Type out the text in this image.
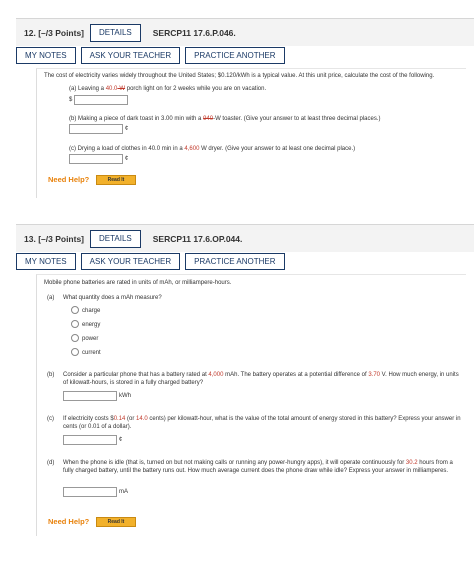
12. [–/3 Points]	DETAILS	SERCP11 17.6.P.046.
MY NOTES	ASK YOUR TEACHER	PRACTICE ANOTHER
The cost of electricity varies widely throughout the United States; $0.120/kWh is a typical value. At this unit price, calculate the cost of the following.
(a) Leaving a 40.0-W porch light on for 2 weeks while you are on vacation.
$
(b) Making a piece of dark toast in 3.00 min with a 940-W toaster. (Give your answer to at least three decimal places.)
¢
(c) Drying a load of clothes in 40.0 min in a 4,600 W dryer. (Give your answer to at least one decimal place.)
¢
Need Help?	Read It
13. [–/3 Points]	DETAILS	SERCP11 17.6.OP.044.
MY NOTES	ASK YOUR TEACHER	PRACTICE ANOTHER
Mobile phone batteries are rated in units of mAh, or milliampere-hours.
(a) What quantity does a mAh measure?
charge
energy
power
current
(b) Consider a particular phone that has a battery rated at 4,000 mAh. The battery operates at a potential difference of 3.70 V. How much energy, in units of kilowatt-hours, is stored in a fully charged battery?
kWh
(c) If electricity costs $0.14 (or 14.0 cents) per kilowatt-hour, what is the value of the total amount of energy stored in this battery? Express your answer in cents (or 0.01 of a dollar).
¢
(d) When the phone is idle (that is, turned on but not making calls or running any power-hungry apps), it will operate continuously for 30.2 hours from a fully charged battery, until the battery runs out. How much average current does the phone draw while idle? Express your answer in milliamperes.
mA
Need Help?	Read It
